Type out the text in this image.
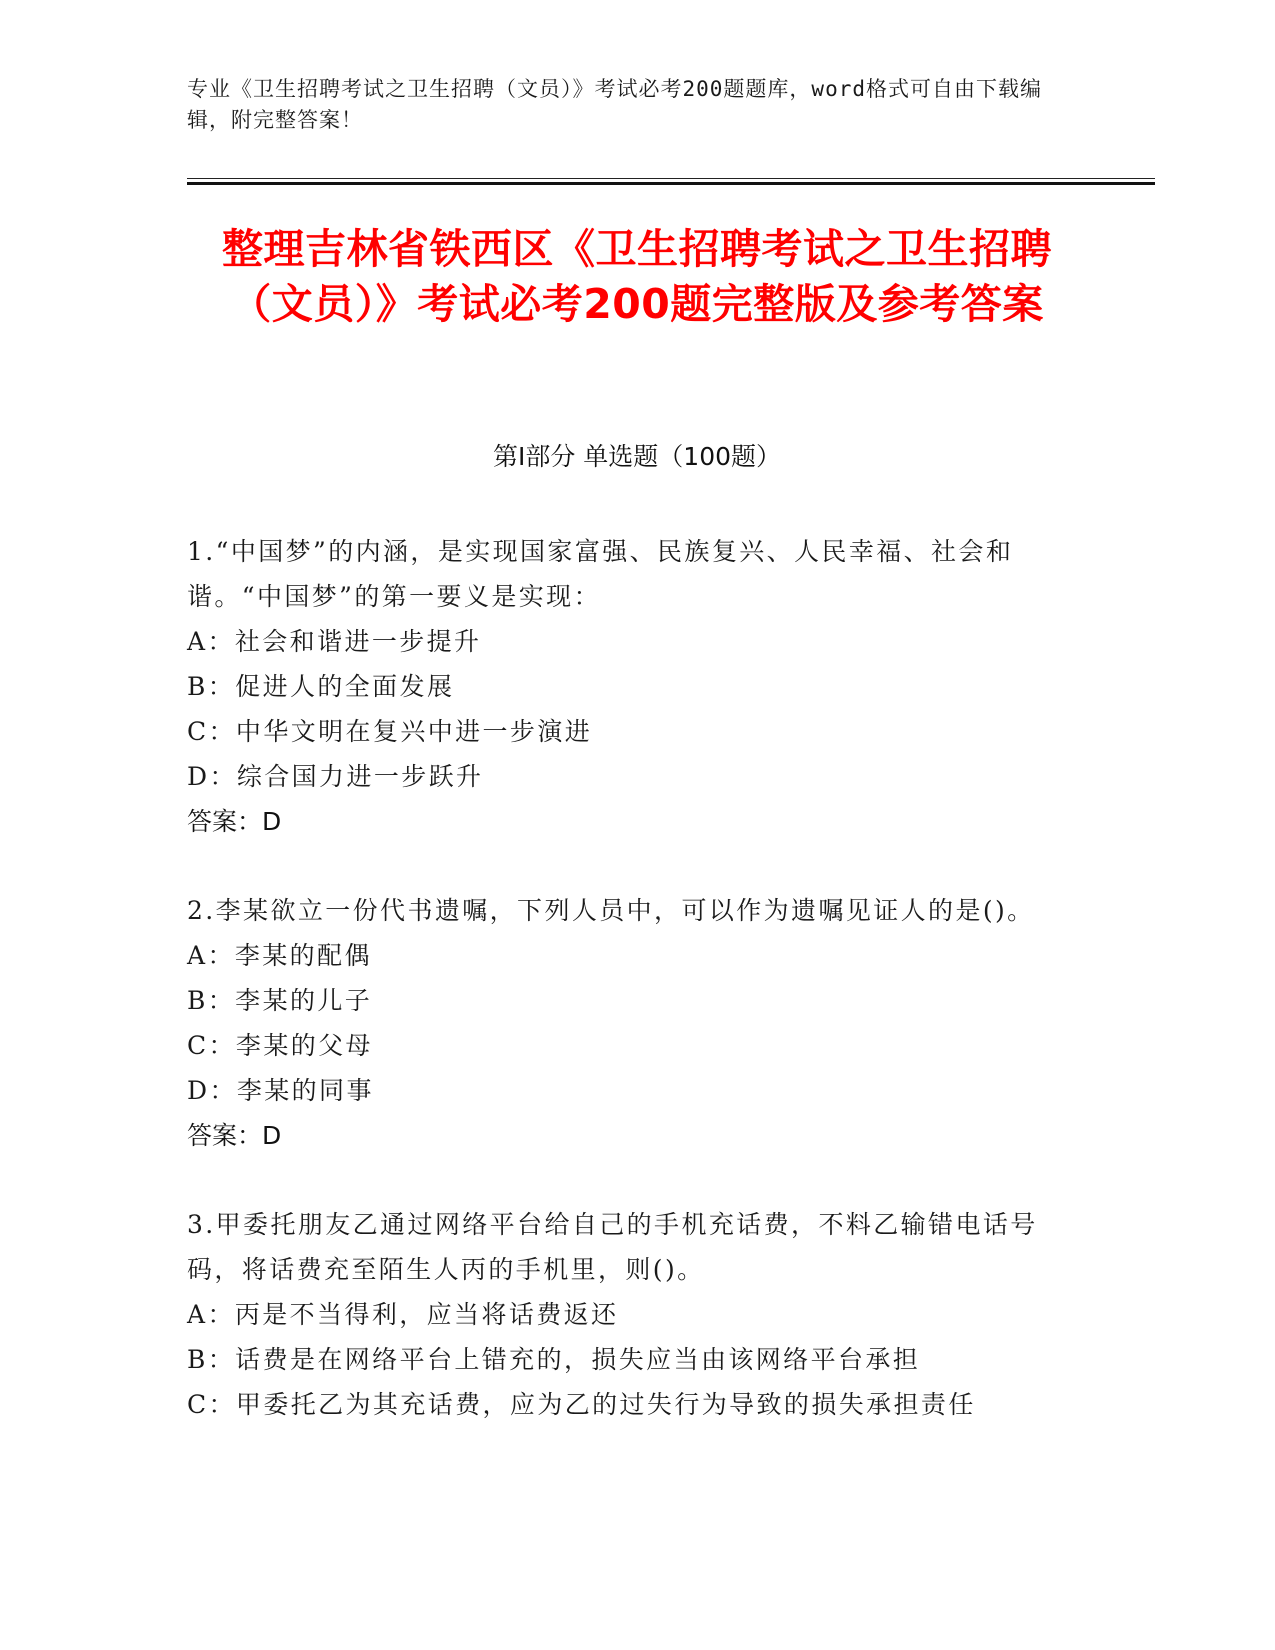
专业《卫生招聘考试之卫生招聘（文员）》考试必考200题题库，word格式可自由下载编辑，附完整答案！
整理吉林省铁西区《卫生招聘考试之卫生招聘（文员）》考试必考200题完整版及参考答案
第I部分 单选题（100题）
1.“中国梦”的内涵，是实现国家富强、民族复兴、人民幸福、社会和谐。“中国梦”的第一要义是实现：
A：社会和谐进一步提升
B：促进人的全面发展
C：中华文明在复兴中进一步演进
D：综合国力进一步跃升
答案：D
2.李某欲立一份代书遗嘱，下列人员中，可以作为遗嘱见证人的是()。
A：李某的配偶
B：李某的儿子
C：李某的父母
D：李某的同事
答案：D
3.甲委托朋友乙通过网络平台给自己的手机充话费，不料乙输错电话号码，将话费充至陌生人丙的手机里，则()。
A：丙是不当得利，应当将话费返还
B：话费是在网络平台上错充的，损失应当由该网络平台承担
C：甲委托乙为其充话费，应为乙的过失行为导致的损失承担责任
